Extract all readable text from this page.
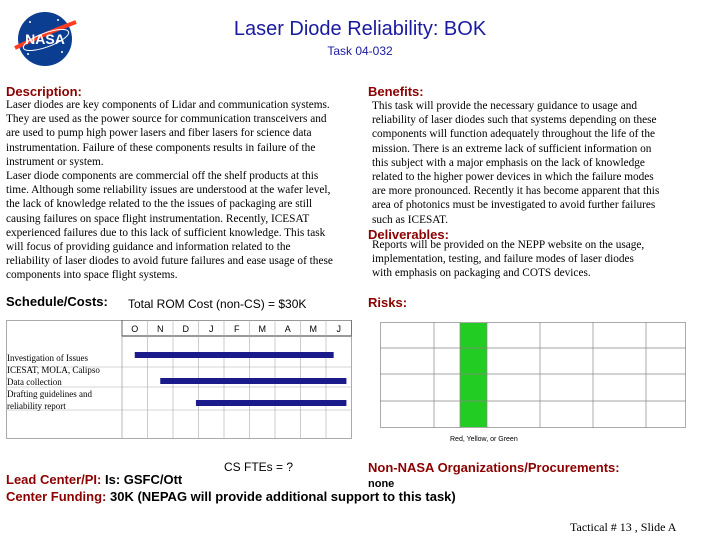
NASA	Laser Diode Reliability: BOK
Task 04-032
Description:
Laser diodes are key components of Lidar and communication systems.
They are used as the power source for communication transceivers and
are used to pump high power lasers and fiber lasers for science data
instrumentation. Failure of these components results in failure of the
instrument or system.
Laser diode components are commercial off the shelf products at this
time. Although some reliability issues are understood at the wafer level,
the lack of knowledge related to the the issues of packaging are still
causing failures on space flight instrumentation. Recently, ICESAT
experienced failures due to this lack of sufficient knowledge. This task
will focus of providing guidance and information related to the
reliability of laser diodes to avoid future failures and ease usage of these
components into space flight systems.
Benefits:
This task will provide the necessary guidance to usage and
reliability of laser diodes such that systems depending on these
components will function adequately throughout the life of the
mission. There is an extreme lack of sufficient information on
this subject with a major emphasis on the lack of knowledge
related to the higher power devices in which the failure modes
are more pronounced. Recently it has become apparent that this
area of photonics must be investigated to avoid further failures
such as ICESAT.
Deliverables:
Reports will be provided on the NEPP website on the usage,
implementation, testing, and failure modes of laser diodes
with emphasis on packaging and COTS devices.
Schedule/Costs: Total ROM Cost (non-CS) = $30K
O N D J F M A M J
Investigation of Issues
ICESAT, MOLA, Calipso
Data collection
Drafting guidelines and
reliability report
CS FTEs = ?
Risks:
Red, Yellow, or Green
Non-NASA Organizations/Procurements:
none
Lead Center/PI: Is: GSFC/Ott
Center Funding: 30K (NEPAG will provide additional support to this task)
Tactical # 13 , Slide A
